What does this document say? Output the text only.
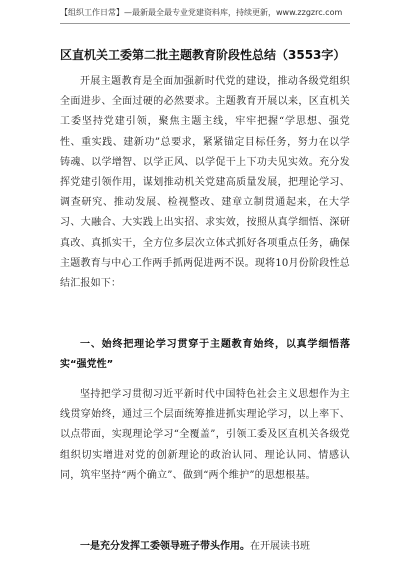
【组织工作日常】—最新最全最专业党建资料库，持续更新，www.zzgzrc.com
区直机关工委第二批主题教育阶段性总结（3553字）

开展主题教育是全面加强新时代党的建设，推动各级党组织全面进步、全面过硬的必然要求。主题教育开展以来，区直机关工委坚持党建引领，聚焦主题主线，牢牢把握“学思想、强党性、重实践、建新功”总要求，紧紧锚定目标任务，努力在以学铸魂、以学增智、以学正风、以学促干上下功夫见实效。充分发挥党建引领作用，谋划推动机关党建高质量发展，把理论学习、调查研究、推动发展、检视整改、建章立制贯通起来，在大学习、大融合、大实践上出实招、求实效，按照从真学细悟、深研真改、真抓实干，全方位多层次立体式抓好各项重点任务，确保主题教育与中心工作两手抓两促进两不误。现将10月份阶段性总结汇报如下：

一、始终把理论学习贯穿于主题教育始终，以真学细悟落实“强党性”

坚持把学习贯彻习近平新时代中国特色社会主义思想作为主线贯穿始终，通过三个层面统筹推进抓实理论学习，以上率下、以点带面，实现理论学习“全覆盖”，引领工委及区直机关各级党组织切实增进对党的创新理论的政治认同、理论认同、情感认同，筑牢坚持“两个确立”、做到“两个维护”的思想根基。

一是充分发挥工委领导班子带头作用。在开展读书班
